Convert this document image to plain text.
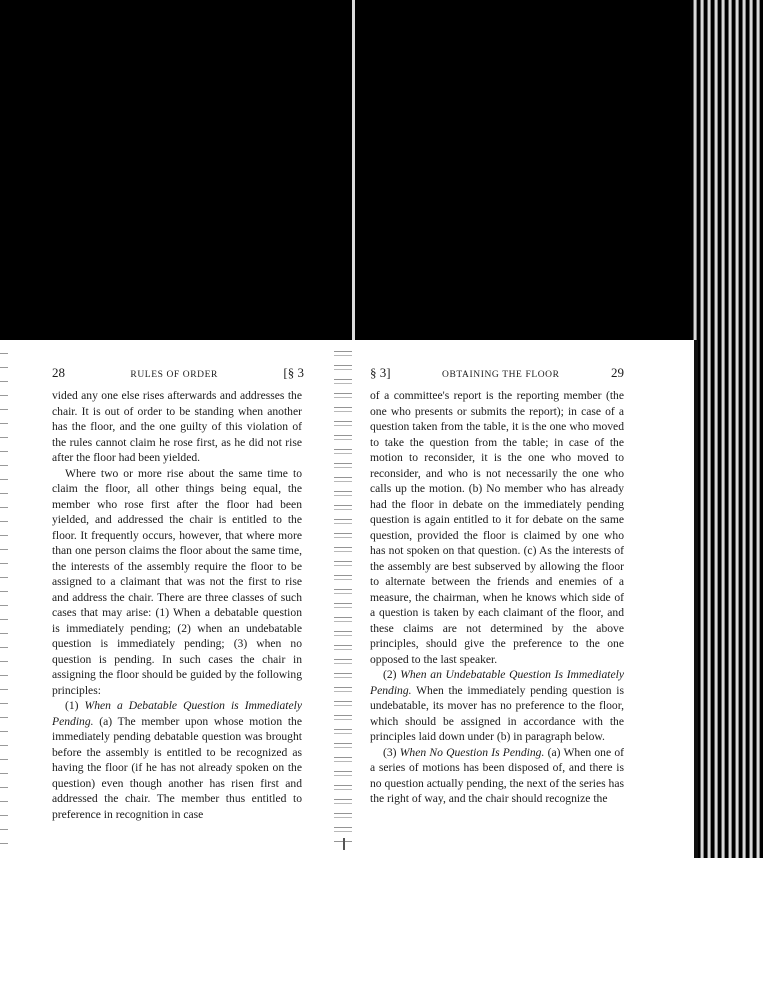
28	RULES OF ORDER	[§ 3	§ 3]	OBTAINING THE FLOOR	29

vided any one else rises afterwards and addresses the chair. It is out of order to be standing when another has the floor, and the one guilty of this violation of the rules cannot claim he rose first, as he did not rise after the floor had been yielded.

Where two or more rise about the same time to claim the floor, all other things being equal, the member who rose first after the floor had been yielded, and addressed the chair is entitled to the floor. It frequently occurs, however, that where more than one person claims the floor about the same time, the interests of the assembly require the floor to be assigned to a claimant that was not the first to rise and address the chair. There are three classes of such cases that may arise: (1) When a debatable question is immediately pending; (2) when an undebatable question is immediately pending; (3) when no question is pending. In such cases the chair in assigning the floor should be guided by the following principles:

(1) When a Debatable Question is Immediately Pending. (a) The member upon whose motion the immediately pending debatable question was brought before the assembly is entitled to be recognized as having the floor (if he has not already spoken on the question) even though another has risen first and addressed the chair. The member thus entitled to preference in recognition in case

of a committee's report is the reporting member (the one who presents or submits the report); in case of a question taken from the table, it is the one who moved to take the question from the table; in case of the motion to reconsider, it is the one who moved to reconsider, and who is not necessarily the one who calls up the motion. (b) No member who has already had the floor in debate on the immediately pending question is again entitled to it for debate on the same question, provided the floor is claimed by one who has not spoken on that question. (c) As the interests of the assembly are best subserved by allowing the floor to alternate between the friends and enemies of a measure, the chairman, when he knows which side of a question is taken by each claimant of the floor, and these claims are not determined by the above principles, should give the preference to the one opposed to the last speaker.

(2) When an Undebatable Question Is Immediately Pending. When the immediately pending question is undebatable, its mover has no preference to the floor, which should be assigned in accordance with the principles laid down under (b) in paragraph below.

(3) When No Question Is Pending. (a) When one of a series of motions has been disposed of, and there is no question actually pending, the next of the series has the right of way, and the chair should recognize the
